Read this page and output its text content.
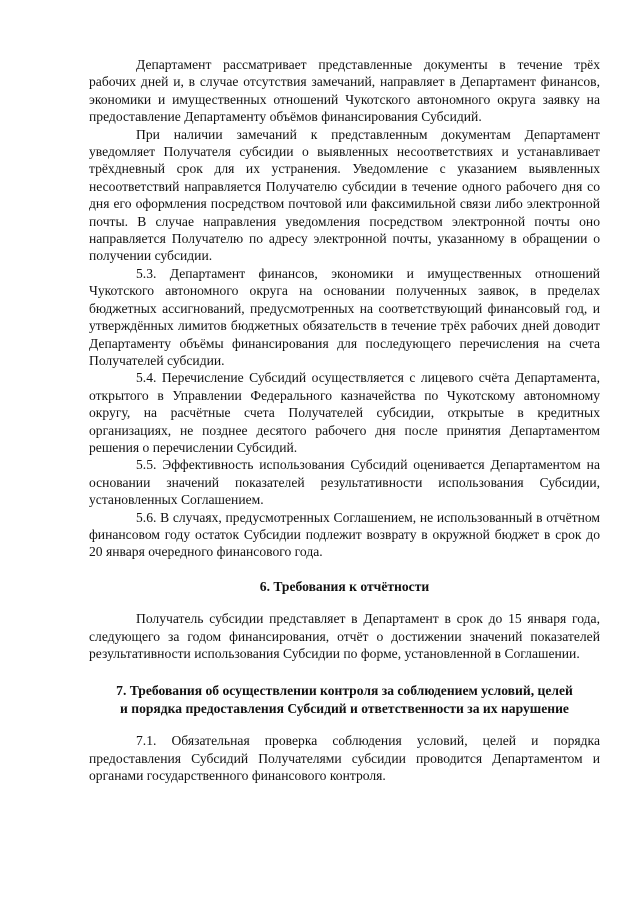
Департамент рассматривает представленные документы в течение трёх рабочих дней и, в случае отсутствия замечаний, направляет в Департамент финансов, экономики и имущественных отношений Чукотского автономного округа заявку на предоставление Департаменту объёмов финансирования Субсидий.

При наличии замечаний к представленным документам Департамент уведомляет Получателя субсидии о выявленных несоответствиях и устанавливает трёхдневный срок для их устранения. Уведомление с указанием выявленных несоответствий направляется Получателю субсидии в течение одного рабочего дня со дня его оформления посредством почтовой или факсимильной связи либо электронной почты. В случае направления уведомления посредством электронной почты оно направляется Получателю по адресу электронной почты, указанному в обращении о получении субсидии.

5.3. Департамент финансов, экономики и имущественных отношений Чукотского автономного округа на основании полученных заявок, в пределах бюджетных ассигнований, предусмотренных на соответствующий финансовый год, и утверждённых лимитов бюджетных обязательств в течение трёх рабочих дней доводит Департаменту объёмы финансирования для последующего перечисления на счета Получателей субсидии.

5.4. Перечисление Субсидий осуществляется с лицевого счёта Департамента, открытого в Управлении Федерального казначейства по Чукотскому автономному округу, на расчётные счета Получателей субсидии, открытые в кредитных организациях, не позднее десятого рабочего дня после принятия Департаментом решения о перечислении Субсидий.

5.5. Эффективность использования Субсидий оценивается Департаментом на основании значений показателей результативности использования Субсидии, установленных Соглашением.

5.6. В случаях, предусмотренных Соглашением, не использованный в отчётном финансовом году остаток Субсидии подлежит возврату в окружной бюджет в срок до 20 января очередного финансового года.

6. Требования к отчётности

Получатель субсидии представляет в Департамент в срок до 15 января года, следующего за годом финансирования, отчёт о достижении значений показателей результативности использования Субсидии по форме, установленной в Соглашении.

7. Требования об осуществлении контроля за соблюдением условий, целей
и порядка предоставления Субсидий и ответственности за их нарушение

7.1. Обязательная проверка соблюдения условий, целей и порядка предоставления Субсидий Получателями субсидии проводится Департаментом и органами государственного финансового контроля.
